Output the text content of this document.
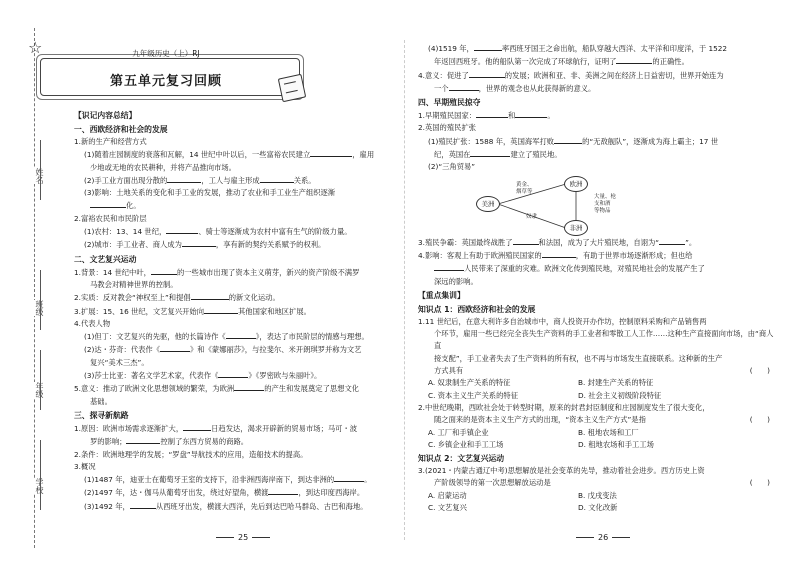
姓名
班级
年级
学校
☆	九年级历史（上）RJ
第五单元复习回顾

【识记内容总结】

一、西欧经济和社会的发展

1.新的生产和经营方式

(1)随着庄园制度的衰落和瓦解，14 世纪中叶以后，一些富裕农民建立	，雇用

少地或无地的农民耕种，并将产品推向市场。

(2)手工业方面出现分散的	，工人与雇主形成	关系。

(3)影响：土地关系的变化和手工业的发展，推动了农业和手工业生产组织逐渐

化。

2.富裕农民和市民阶层

(1)农村：13、14 世纪，	、骑士等逐渐成为农村中富有生气的阶级力量。

(2)城市：手工业者、商人成为	，享有新的契约关系赋予的权利。

二、文艺复兴运动

1.背景：14 世纪中叶，	的一些城市出现了资本主义萌芽，新兴的资产阶级不满罗

马教会对精神世界的控制。

2.实质：反对教会“神权至上”和提倡	的新文化运动。

3.扩展：15、16 世纪，文艺复兴开始向	其他国家和地区扩展。

4.代表人物

(1)但丁：文艺复兴的先驱，他的长篇诗作《	》，表达了市民阶层的情感与理想。

(2)达・芬奇：代表作《	》和《蒙娜丽莎》，与拉斐尔、米开朗琪罗并称为文艺

复兴“美术三杰”。

(3)莎士比亚：著名文学艺术家，代表作《	》《罗密欧与朱丽叶》。

5.意义：推动了欧洲文化思想领域的繁荣，为欧洲	的产生和发展奠定了思想文化

基础。

三、探寻新航路

1.原因：欧洲市场需求逐渐扩大，	日趋发达，渴求开辟新的贸易市场；马可・波

罗的影响；	控制了东西方贸易的商路。

2.条件：欧洲地理学的发展；“罗盘”导航技术的应用，造船技术的提高。

3.概况

(1)1487 年，迪亚士在葡萄牙王室的支持下，沿非洲西海岸南下，到达非洲的	。

(2)1497 年，达・伽马从葡萄牙出发，绕过好望角，横渡	，到达印度西海岸。

(3)1492 年，	从西班牙出发，横渡大西洋，先后到达巴哈马群岛、古巴和海地。

25

(4)1519 年，	率西班牙国王之命出航，船队穿越大西洋、太平洋和印度洋，于 1522

年返回西班牙。他的船队第一次完成了环球航行，证明了	的正确性。

4.意义：促进了	的发展；欧洲和亚、非、美洲之间在经济上日益密切，世界开始连为

一个	，世界的观念也从此获得新的意义。

四、早期殖民掠夺

1.早期殖民国家：	和	。

2.英国的殖民扩张

(1)殖民扩张：1588 年，英国海军打败	的“无敌舰队”，逐渐成为海上霸主；17 世

纪，英国在	建立了殖民地。

(2)“三角贸易”

美洲
欧洲
非洲
黄金、
烟草等
奴隶
大量、枪
支和酒
等物品

3.殖民争霸：英国最终战胜了	和法国，成为了大片殖民地，自诩为“	”。

4.影响：客观上有助于欧洲殖民国家的	，有助于世界市场逐渐形成；但也给

人民带来了深重的灾难。欧洲文化传到殖民地，对殖民地社会的发展产生了

深远的影响。

【重点集训】

知识点 1：西欧经济和社会的发展

1.11 世纪后，在意大利许多自治城市中，商人投资开办作坊，控制原料采购和产品销售两

个环节，雇用一些已经完全丧失生产资料的手工业者和零散工人工作……这种生产直接面向市场，由“商人直

接支配”，手工业者失去了生产资料的所有权，也不再与市场发生直接联系。这种新的生产

方式具有	(　　)

A. 奴隶制生产关系的特征	B. 封建生产关系的特征

C. 资本主义生产关系的特征	D. 社会主义初级阶段特征

2.中世纪晚期，西欧社会处于转型时期，原来的封君封臣制度和庄园制度发生了很大变化，

随之面来的是资本主义生产方式的出现，“资本主义生产方式”是指	(　　)

A. 工厂和手镇企业	B. 租地农场和工厂

C. 乡镇企业和手工工场	D. 租地农场和手工工场

知识点 2：文艺复兴运动

3.(2021・内蒙古通辽中考)思想解放是社会变革的先导，推动着社会进步。西方历史上资

产阶级领导的第一次思想解放运动是	(　　)

A. 启蒙运动	B. 戊戌变法

C. 文艺复兴	D. 文化改新

26
